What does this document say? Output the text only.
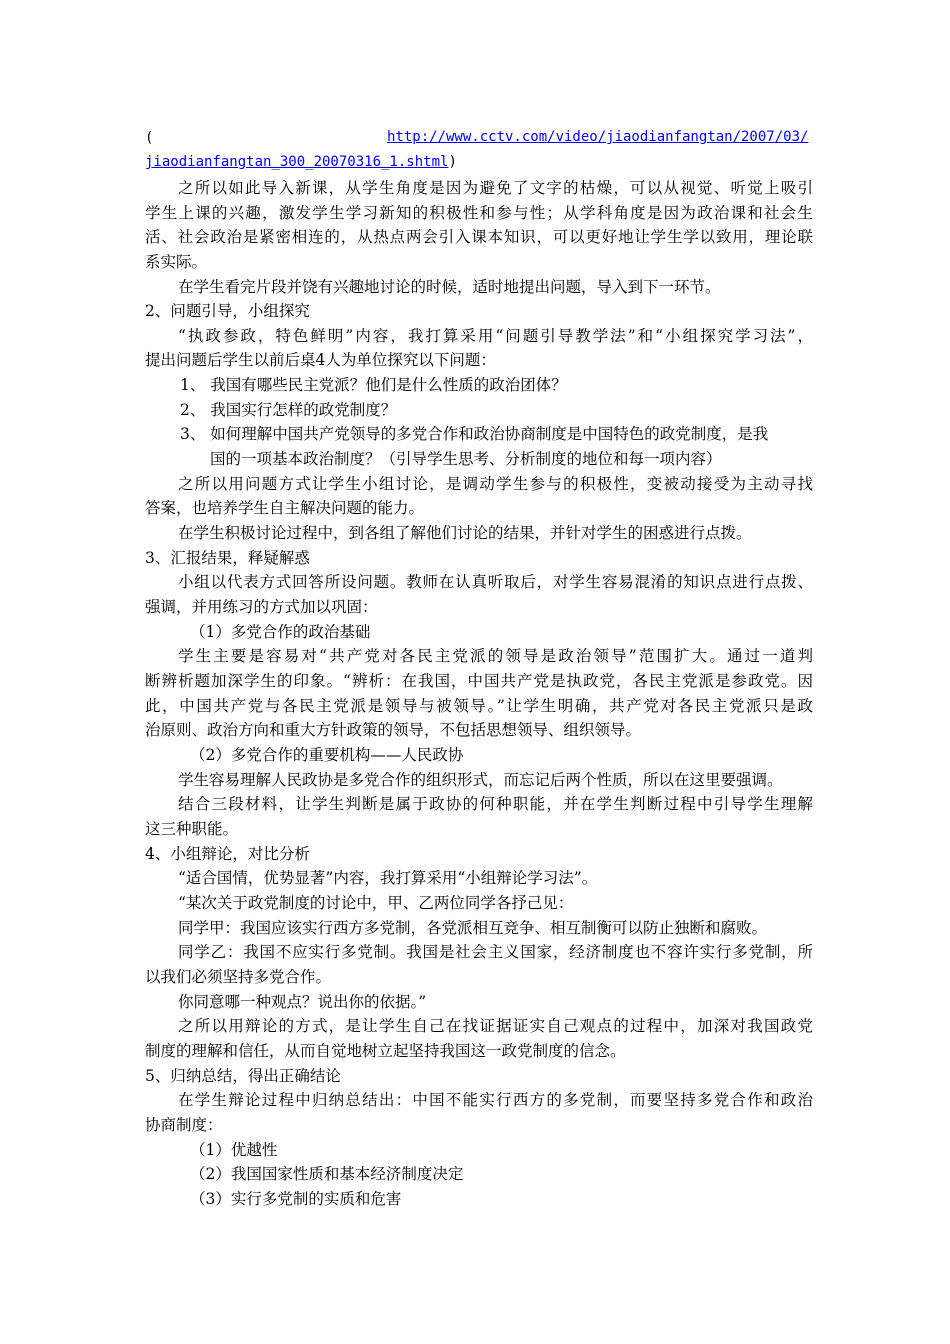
(	http://www.cctv.com/video/jiaodianfangtan/2007/03/
jiaodianfangtan_300_20070316_1.shtml)
之所以如此导入新课，从学生角度是因为避免了文字的枯燥，可以从视觉、听觉上吸引
学生上课的兴趣，激发学生学习新知的积极性和参与性；从学科角度是因为政治课和社会生
活、社会政治是紧密相连的，从热点两会引入课本知识，可以更好地让学生学以致用，理论联
系实际。
在学生看完片段并饶有兴趣地讨论的时候，适时地提出问题，导入到下一环节。
2、问题引导，小组探究
“执政参政，特色鲜明”内容，我打算采用“问题引导教学法”和“小组探究学习法”，
提出问题后学生以前后桌4人为单位探究以下问题：
1、 我国有哪些民主党派？他们是什么性质的政治团体？
2、 我国实行怎样的政党制度？
3、 如何理解中国共产党领导的多党合作和政治协商制度是中国特色的政党制度，是我
国的一项基本政治制度？（引导学生思考、分析制度的地位和每一项内容）
之所以用问题方式让学生小组讨论，是调动学生参与的积极性，变被动接受为主动寻找
答案，也培养学生自主解决问题的能力。
在学生积极讨论过程中，到各组了解他们讨论的结果，并针对学生的困惑进行点拨。
3、汇报结果，释疑解惑
小组以代表方式回答所设问题。教师在认真听取后，对学生容易混淆的知识点进行点拨、
强调，并用练习的方式加以巩固：
（1）多党合作的政治基础
学生主要是容易对“共产党对各民主党派的领导是政治领导”范围扩大。通过一道判
断辨析题加深学生的印象。“辨析：在我国，中国共产党是执政党，各民主党派是参政党。因
此，中国共产党与各民主党派是领导与被领导。”让学生明确，共产党对各民主党派只是政
治原则、政治方向和重大方针政策的领导，不包括思想领导、组织领导。
（2）多党合作的重要机构——人民政协
学生容易理解人民政协是多党合作的组织形式，而忘记后两个性质，所以在这里要强调。
结合三段材料，让学生判断是属于政协的何种职能，并在学生判断过程中引导学生理解
这三种职能。
4、小组辩论，对比分析
“适合国情，优势显著”内容，我打算采用“小组辩论学习法”。
“某次关于政党制度的讨论中，甲、乙两位同学各抒己见：
同学甲：我国应该实行西方多党制，各党派相互竞争、相互制衡可以防止独断和腐败。
同学乙：我国不应实行多党制。我国是社会主义国家，经济制度也不容许实行多党制，所
以我们必须坚持多党合作。
你同意哪一种观点？说出你的依据。”
之所以用辩论的方式，是让学生自己在找证据证实自己观点的过程中，加深对我国政党
制度的理解和信任，从而自觉地树立起坚持我国这一政党制度的信念。
5、归纳总结，得出正确结论
在学生辩论过程中归纳总结出：中国不能实行西方的多党制，而要坚持多党合作和政治
协商制度：
（1）优越性
（2）我国国家性质和基本经济制度决定
（3）实行多党制的实质和危害
